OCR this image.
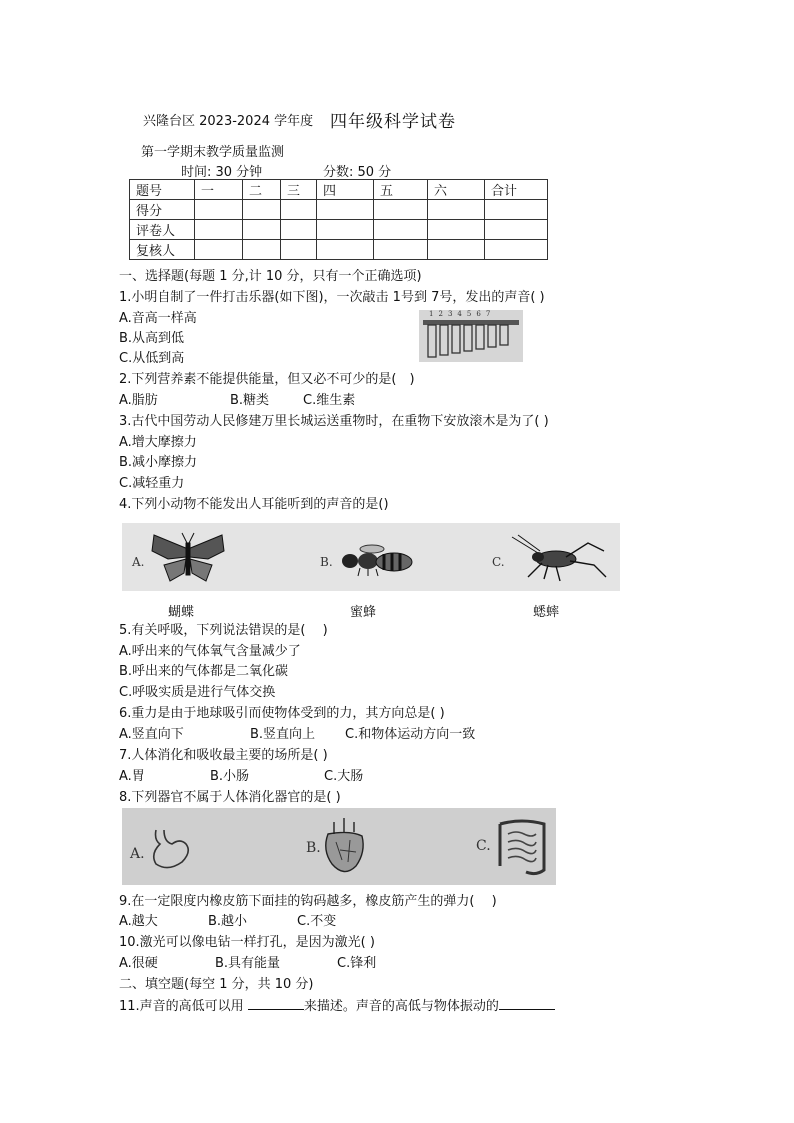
兴隆台区 2023-2024 学年度 四年级科学试卷
第一学期末教学质量监测
时间: 30 分钟	分数: 50 分
题号	一	二	三	四	五	六	合计
得分							
评卷人							
复核人							
一、选择题(每题 1 分,计 10 分，只有一个正确选项)
1.小明自制了一件打击乐器(如下图)，一次敲击 1号到 7号，发出的声音( )
A.音高一样高
B.从高到低
C.从低到高
1234567
2.下列营养素不能提供能量，但又必不可少的是(　)
A.脂肪	B.糖类	C.维生素
3.古代中国劳动人民修建万里长城运送重物时，在重物下安放滚木是为了( )
A.增大摩擦力
B.减小摩擦力
C.减轻重力
4.下列小动物不能发出人耳能听到的声音的是()
A.	B.	C.
蝴蝶	蜜蜂	蟋蟀
5.有关呼吸，下列说法错误的是(　 )
A.呼出来的气体氧气含量减少了
B.呼出来的气体都是二氧化碳
C.呼吸实质是进行气体交换
6.重力是由于地球吸引而使物体受到的力，其方向总是( )
A.竖直向下	B.竖直向上 C.和物体运动方向一致
7.人体消化和吸收最主要的场所是( )
A.胃	B.小肠	C.大肠
8.下列器官不属于人体消化器官的是( )
A.	B.	C.
9.在一定限度内橡皮筋下面挂的钩码越多，橡皮筋产生的弹力(　 )
A.越大	B.越小	C.不变
10.激光可以像电钻一样打孔，是因为激光( )
A.很硬	B.具有能量	C.锋利
二、填空题(每空 1 分，共 10 分)
11.声音的高低可以用	来描述。声音的高低与物体振动的
